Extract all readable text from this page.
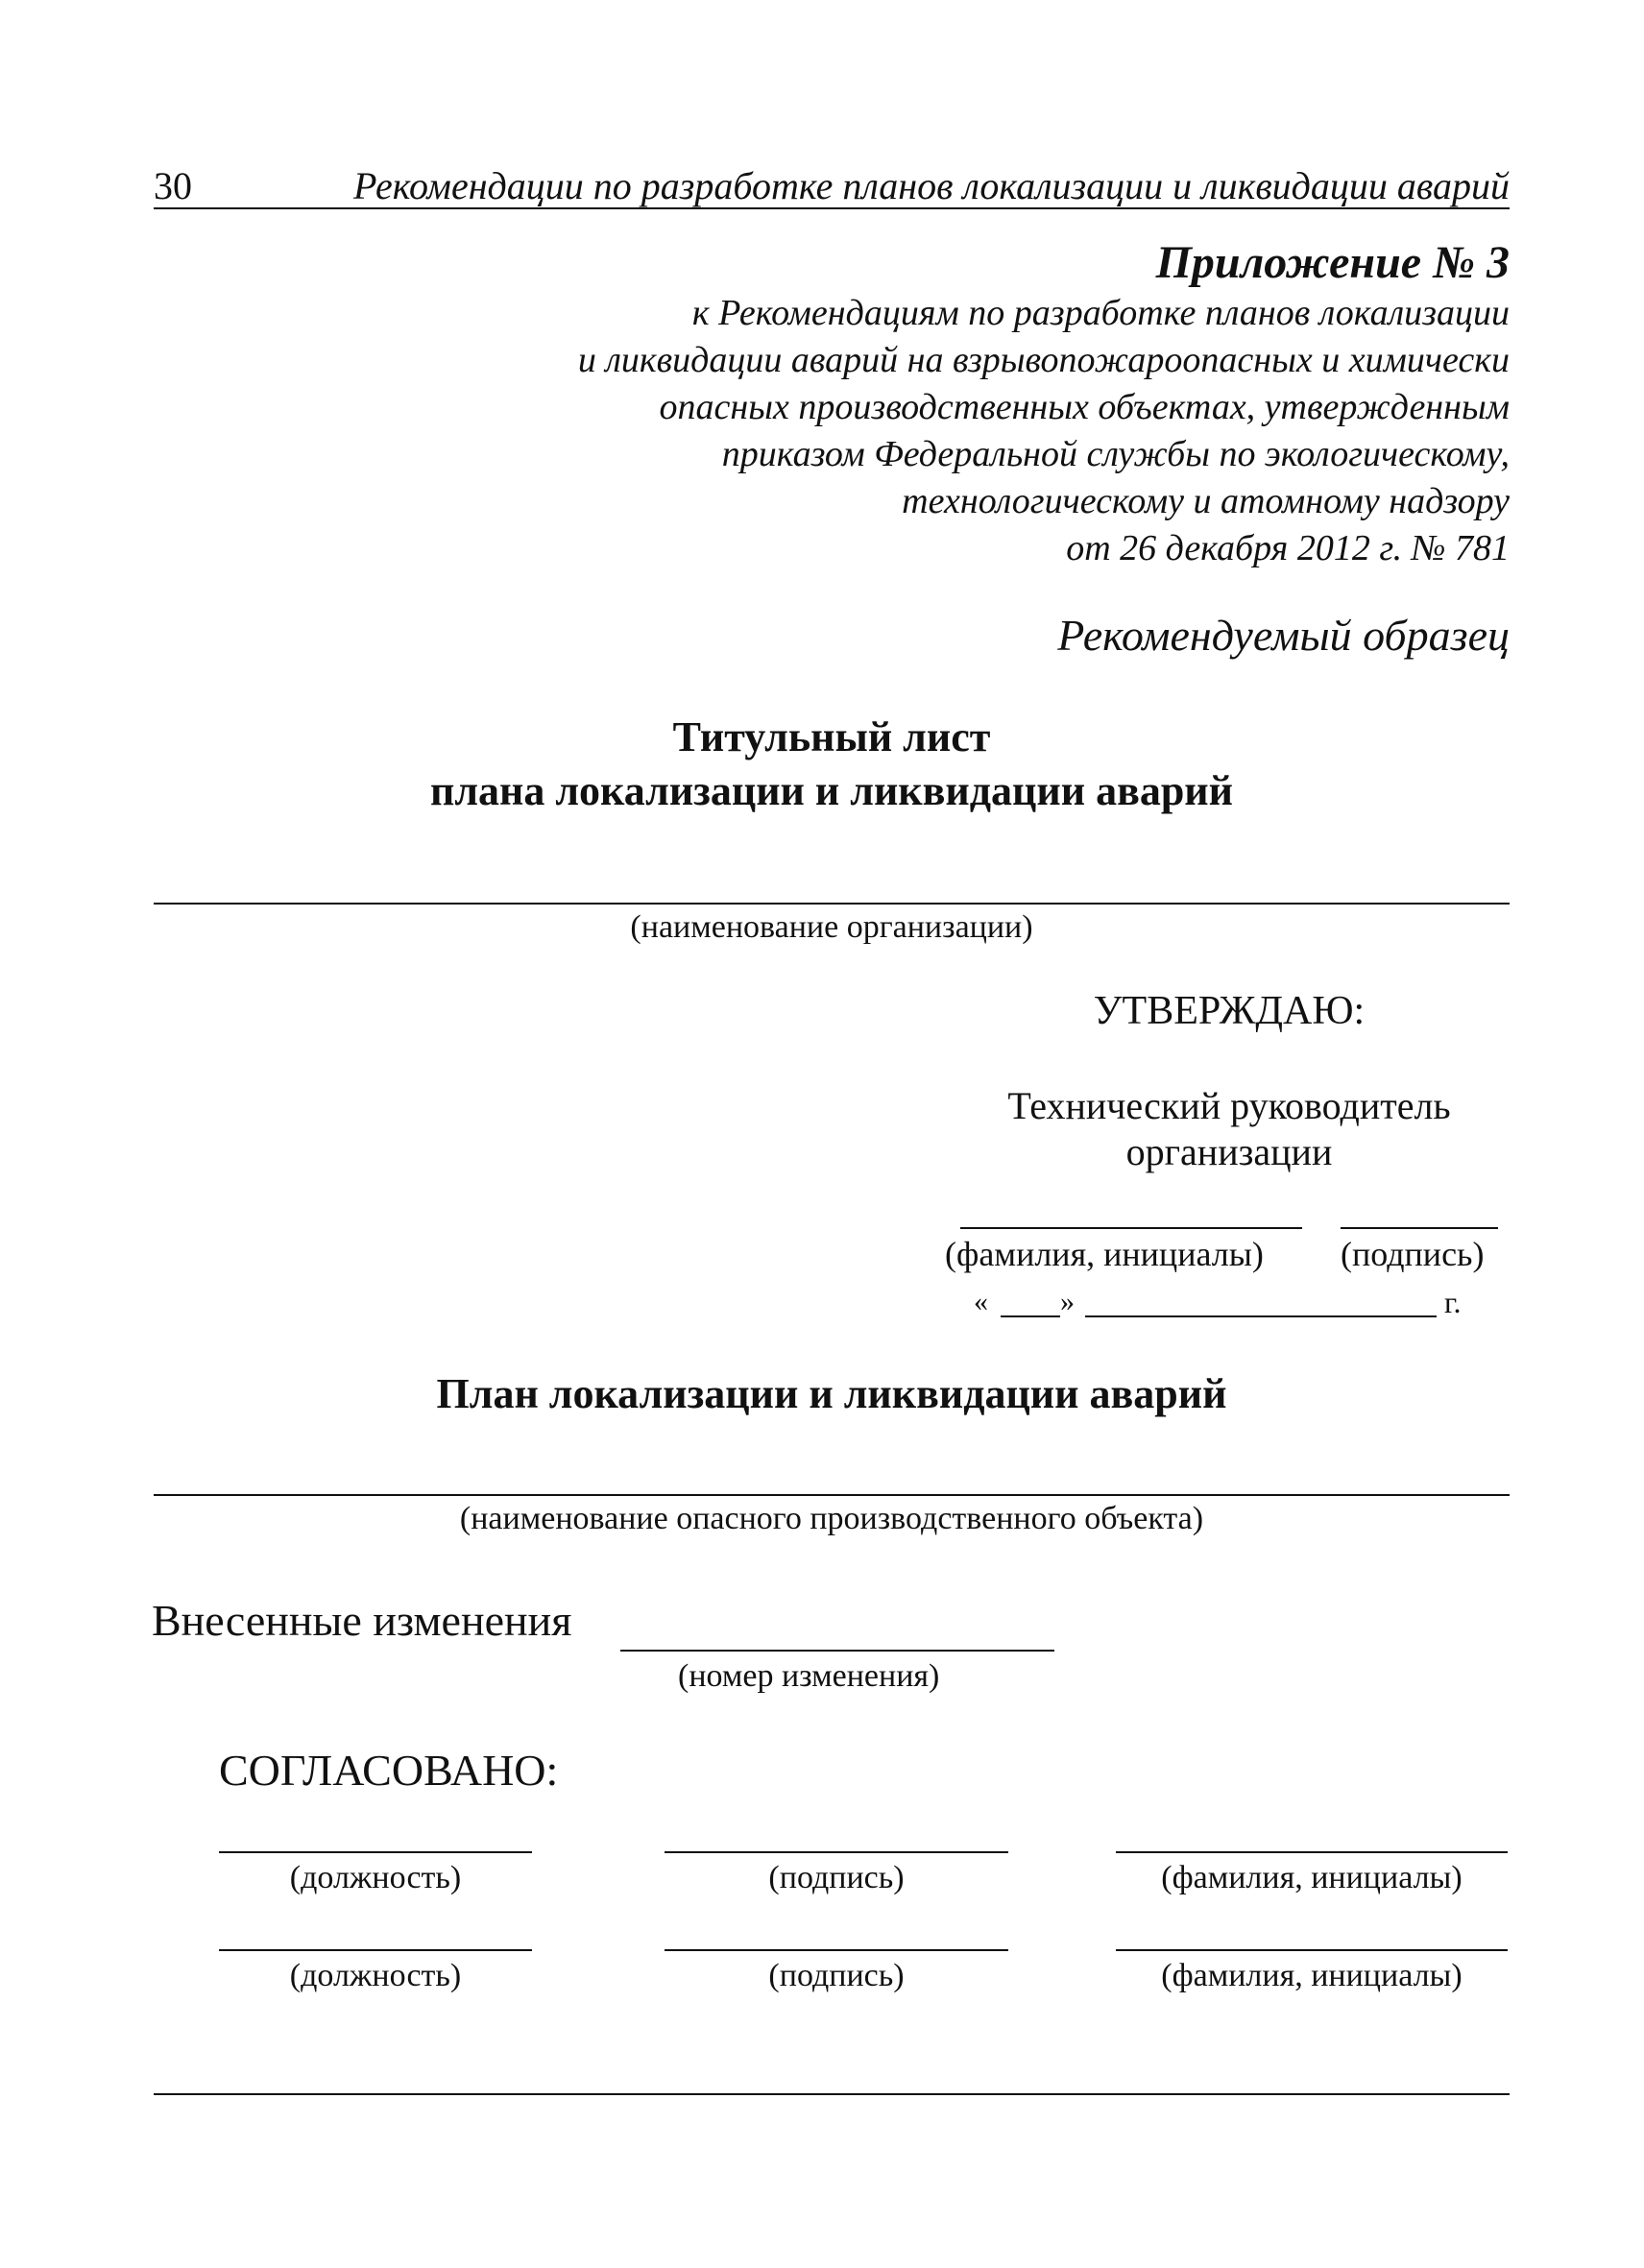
30	Рекомендации по разработке планов локализации и ликвидации аварий
Приложение № 3
к Рекомендациям по разработке планов локализации
и ликвидации аварий на взрывопожароопасных и химически
опасных производственных объектах, утвержденным
приказом Федеральной службы по экологическому,
технологическому и атомному надзору
от 26 декабря 2012 г. № 781
Рекомендуемый образец
Титульный лист
плана локализации и ликвидации аварий
(наименование организации)
УТВЕРЖДАЮ:
Технический руководитель
организации
(фамилия, инициалы) (подпись)
«	»	г.
План локализации и ликвидации аварий
(наименование опасного производственного объекта)
Внесенные изменения
(номер изменения)
СОГЛАСОВАНО:
(должность)	(подпись)	(фамилия, инициалы)
(должность)	(подпись)	(фамилия, инициалы)
